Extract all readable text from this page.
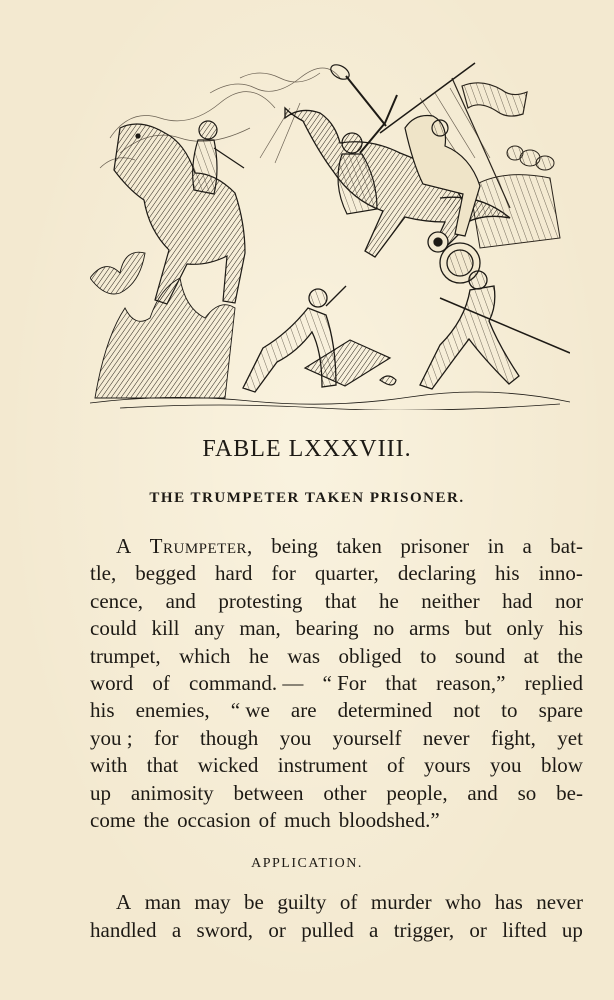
FABLE LXXXVIII.
THE TRUMPETER TAKEN PRISONER.
A Trumpeter, being taken prisoner in a bat-
tle, begged hard for quarter, declaring his inno-
cence, and protesting that he neither had nor
could kill any man, bearing no arms but only his
trumpet, which he was obliged to sound at the
word of command. — “ For that reason,” replied
his enemies, “ we are determined not to spare
you ; for though you yourself never fight, yet
with that wicked instrument of yours you blow
up animosity between other people, and so be-
come the occasion of much bloodshed.”
APPLICATION.
A man may be guilty of murder who has never
handled a sword, or pulled a trigger, or lifted up
